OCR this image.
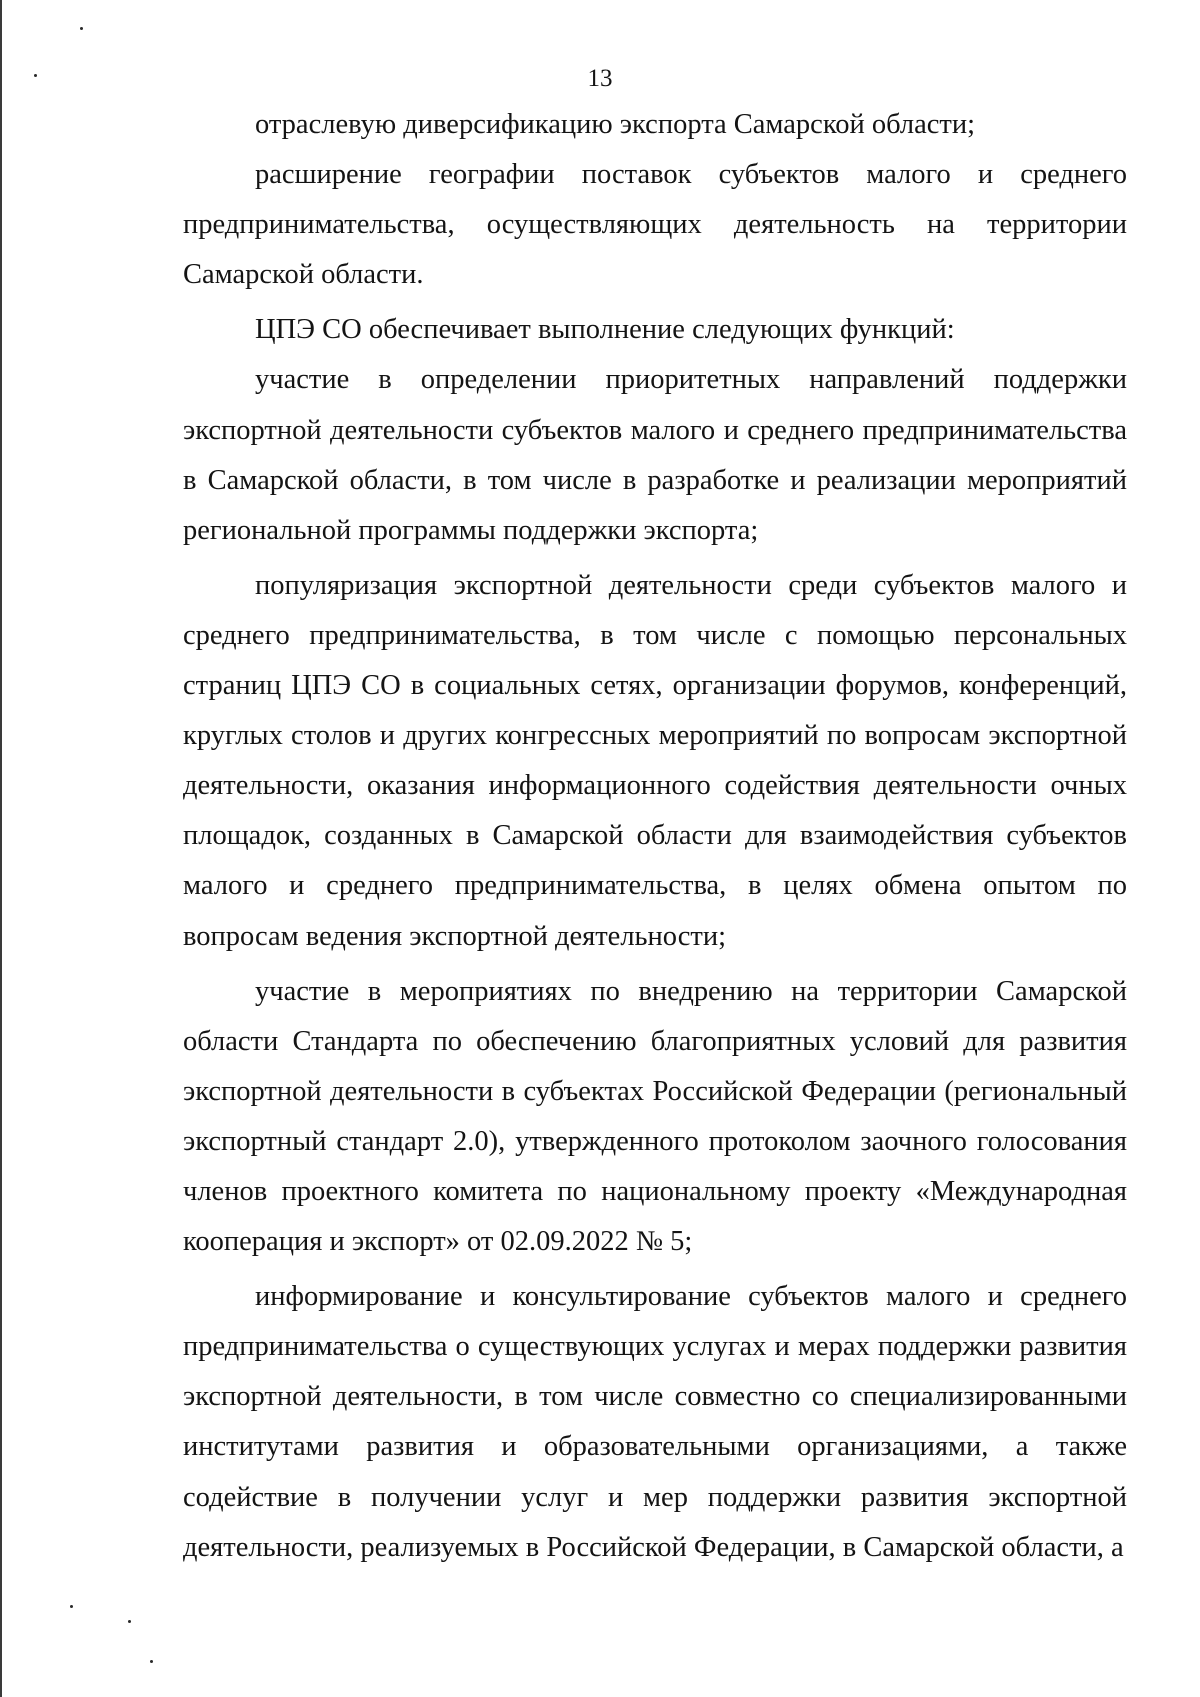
13

отраслевую диверсификацию экспорта Самарской области;

расширение географии поставок субъектов малого и среднего предпринимательства, осуществляющих деятельность на территории Самарской области.

ЦПЭ СО обеспечивает выполнение следующих функций:

участие в определении приоритетных направлений поддержки экспортной деятельности субъектов малого и среднего предпринимательства в Самарской области, в том числе в разработке и реализации мероприятий региональной программы поддержки экспорта;

популяризация экспортной деятельности среди субъектов малого и среднего предпринимательства, в том числе с помощью персональных страниц ЦПЭ СО в социальных сетях, организации форумов, конференций, круглых столов и других конгрессных мероприятий по вопросам экспортной деятельности, оказания информационного содействия деятельности очных площадок, созданных в Самарской области для взаимодействия субъектов малого и среднего предпринимательства, в целях обмена опытом по вопросам ведения экспортной деятельности;

участие в мероприятиях по внедрению на территории Самарской области Стандарта по обеспечению благоприятных условий для развития экспортной деятельности в субъектах Российской Федерации (региональный экспортный стандарт 2.0), утвержденного протоколом заочного голосования членов проектного комитета по национальному проекту «Международная кооперация и экспорт» от 02.09.2022 № 5;

информирование и консультирование субъектов малого и среднего предпринимательства о существующих услугах и мерах поддержки развития экспортной деятельности, в том числе совместно со специализированными институтами развития и образовательными организациями, а также содействие в получении услуг и мер поддержки развития экспортной деятельности, реализуемых в Российской Федерации, в Самарской области, а
